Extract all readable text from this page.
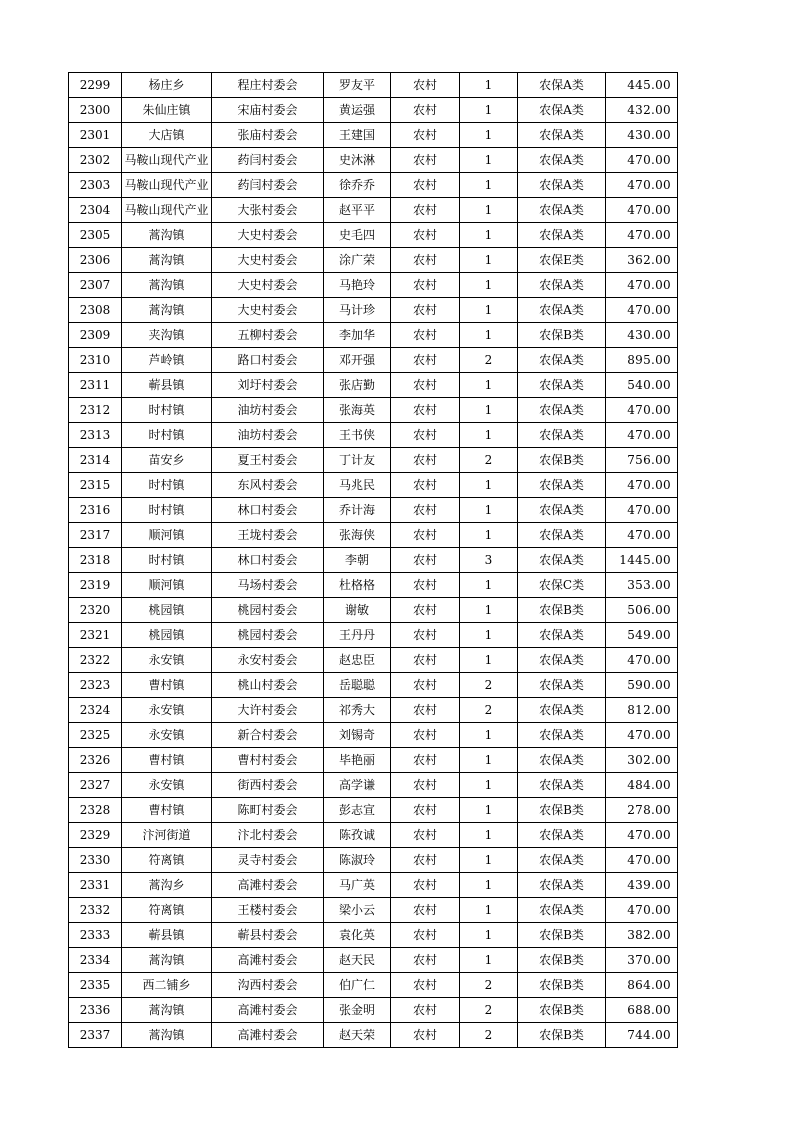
2299	杨庄乡	程庄村委会	罗友平	农村	1	农保A类	445.00
2300	朱仙庄镇	宋庙村委会	黄运强	农村	1	农保A类	432.00
2301	大店镇	张庙村委会	王建国	农村	1	农保A类	430.00
2302	马鞍山现代产业	药闫村委会	史沐淋	农村	1	农保A类	470.00
2303	马鞍山现代产业	药闫村委会	徐乔乔	农村	1	农保A类	470.00
2304	马鞍山现代产业	大张村委会	赵平平	农村	1	农保A类	470.00
2305	蒿沟镇	大史村委会	史毛四	农村	1	农保A类	470.00
2306	蒿沟镇	大史村委会	涂广荣	农村	1	农保E类	362.00
2307	蒿沟镇	大史村委会	马艳玲	农村	1	农保A类	470.00
2308	蒿沟镇	大史村委会	马计珍	农村	1	农保A类	470.00
2309	夹沟镇	五柳村委会	李加华	农村	1	农保B类	430.00
2310	芦岭镇	路口村委会	邓开强	农村	2	农保A类	895.00
2311	蕲县镇	刘圩村委会	张店勤	农村	1	农保A类	540.00
2312	时村镇	油坊村委会	张海英	农村	1	农保A类	470.00
2313	时村镇	油坊村委会	王书侠	农村	1	农保A类	470.00
2314	苗安乡	夏王村委会	丁计友	农村	2	农保B类	756.00
2315	时村镇	东风村委会	马兆民	农村	1	农保A类	470.00
2316	时村镇	林口村委会	乔计海	农村	1	农保A类	470.00
2317	顺河镇	王垅村委会	张海侠	农村	1	农保A类	470.00
2318	时村镇	林口村委会	李朝	农村	3	农保A类	1445.00
2319	顺河镇	马场村委会	杜格格	农村	1	农保C类	353.00
2320	桃园镇	桃园村委会	谢敏	农村	1	农保B类	506.00
2321	桃园镇	桃园村委会	王丹丹	农村	1	农保A类	549.00
2322	永安镇	永安村委会	赵忠臣	农村	1	农保A类	470.00
2323	曹村镇	桃山村委会	岳聪聪	农村	2	农保A类	590.00
2324	永安镇	大许村委会	祁秀大	农村	2	农保A类	812.00
2325	永安镇	新合村委会	刘锡奇	农村	1	农保A类	470.00
2326	曹村镇	曹村村委会	毕艳丽	农村	1	农保A类	302.00
2327	永安镇	街西村委会	高学谦	农村	1	农保A类	484.00
2328	曹村镇	陈町村委会	彭志宣	农村	1	农保B类	278.00
2329	汴河街道	汴北村委会	陈孜诚	农村	1	农保A类	470.00
2330	符离镇	灵寺村委会	陈淑玲	农村	1	农保A类	470.00
2331	蒿沟乡	高滩村委会	马广英	农村	1	农保A类	439.00
2332	符离镇	王楼村委会	梁小云	农村	1	农保A类	470.00
2333	蕲县镇	蕲县村委会	袁化英	农村	1	农保B类	382.00
2334	蒿沟镇	高滩村委会	赵天民	农村	1	农保B类	370.00
2335	西二铺乡	沟西村委会	伯广仁	农村	2	农保B类	864.00
2336	蒿沟镇	高滩村委会	张金明	农村	2	农保B类	688.00
2337	蒿沟镇	高滩村委会	赵天荣	农村	2	农保B类	744.00
